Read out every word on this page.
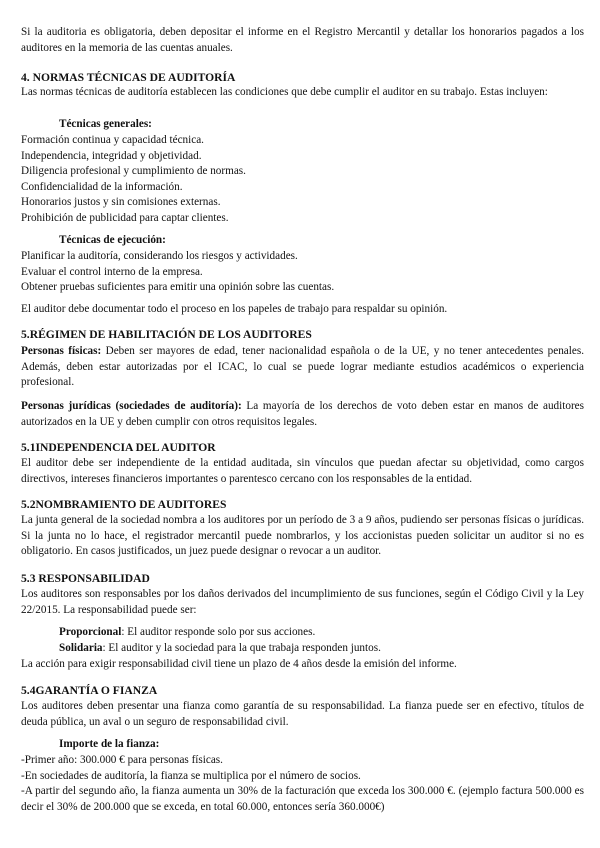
Si la auditoria es obligatoria, deben depositar el informe en el Registro Mercantil y detallar los honorarios pagados a los auditores en la memoria de las cuentas anuales.

4. NORMAS TÉCNICAS DE AUDITORÍA

Las normas técnicas de auditoría establecen las condiciones que debe cumplir el auditor en su trabajo. Estas incluyen:

Técnicas generales:
Formación continua y capacidad técnica.
Independencia, integridad y objetividad.
Diligencia profesional y cumplimiento de normas.
Confidencialidad de la información.
Honorarios justos y sin comisiones externas.
Prohibición de publicidad para captar clientes.
Técnicas de ejecución:
Planificar la auditoría, considerando los riesgos y actividades.
Evaluar el control interno de la empresa.
Obtener pruebas suficientes para emitir una opinión sobre las cuentas.

El auditor debe documentar todo el proceso en los papeles de trabajo para respaldar su opinión.

5.RÉGIMEN DE HABILITACIÓN DE LOS AUDITORES

Personas físicas: Deben ser mayores de edad, tener nacionalidad española o de la UE, y no tener antecedentes penales. Además, deben estar autorizadas por el ICAC, lo cual se puede lograr mediante estudios académicos o experiencia profesional.

Personas jurídicas (sociedades de auditoría): La mayoría de los derechos de voto deben estar en manos de auditores autorizados en la UE y deben cumplir con otros requisitos legales.

5.1INDEPENDENCIA DEL AUDITOR

El auditor debe ser independiente de la entidad auditada, sin vínculos que puedan afectar su objetividad, como cargos directivos, intereses financieros importantes o parentesco cercano con los responsables de la entidad.

5.2NOMBRAMIENTO DE AUDITORES

La junta general de la sociedad nombra a los auditores por un período de 3 a 9 años, pudiendo ser personas físicas o jurídicas. Si la junta no lo hace, el registrador mercantil puede nombrarlos, y los accionistas pueden solicitar un auditor si no es obligatorio. En casos justificados, un juez puede designar o revocar a un auditor.

5.3 RESPONSABILIDAD

Los auditores son responsables por los daños derivados del incumplimiento de sus funciones, según el Código Civil y la Ley 22/2015. La responsabilidad puede ser:

Proporcional: El auditor responde solo por sus acciones.
Solidaria: El auditor y la sociedad para la que trabaja responden juntos.

La acción para exigir responsabilidad civil tiene un plazo de 4 años desde la emisión del informe.

5.4GARANTÍA O FIANZA

Los auditores deben presentar una fianza como garantía de su responsabilidad. La fianza puede ser en efectivo, títulos de deuda pública, un aval o un seguro de responsabilidad civil.

Importe de la fianza:
-Primer año: 300.000 € para personas físicas.
-En sociedades de auditoría, la fianza se multiplica por el número de socios.

-A partir del segundo año, la fianza aumenta un 30% de la facturación que exceda los 300.000 €. (ejemplo factura 500.000 es decir el 30% de 200.000 que se exceda, en total 60.000, entonces sería 360.000€)
